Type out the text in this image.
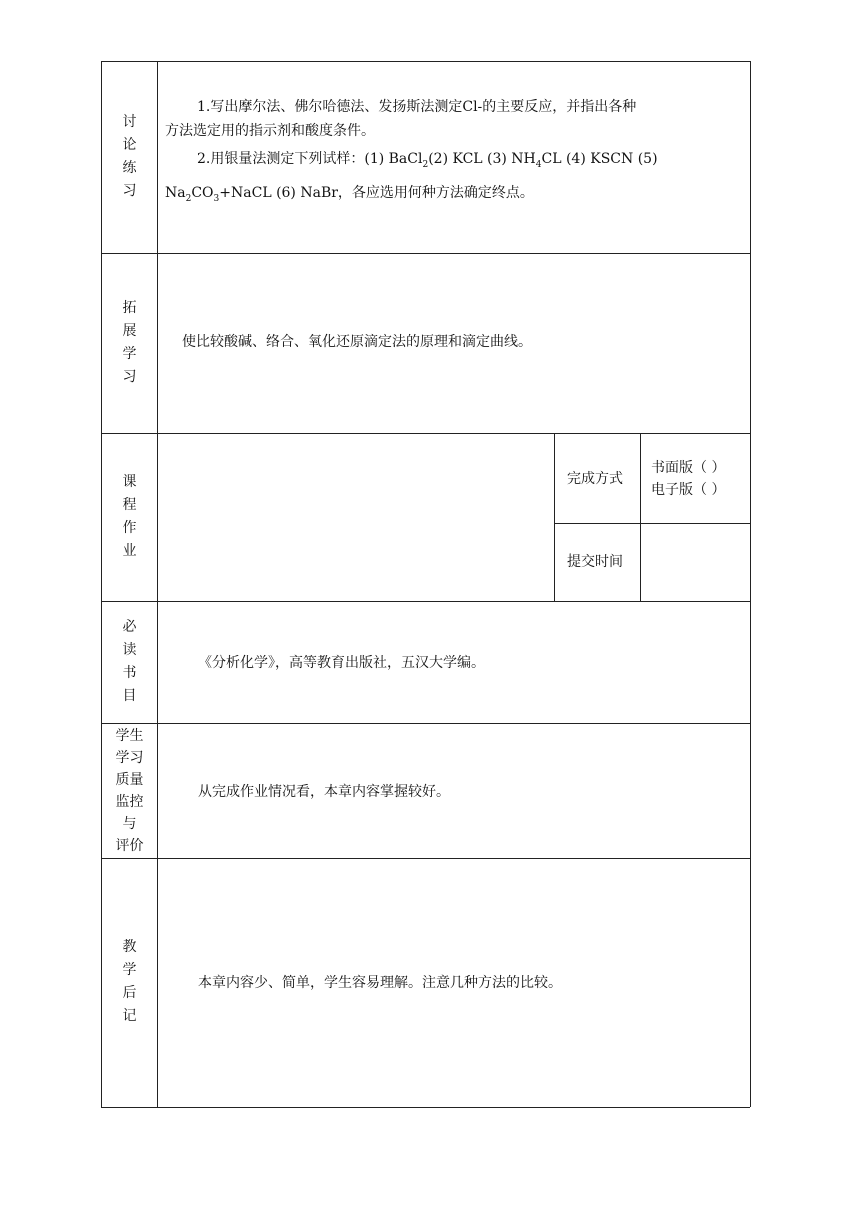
讨
论
练
习
1.写出摩尔法、佛尔哈德法、发扬斯法测定Cl-的主要反应，并指出各种
方法选定用的指示剂和酸度条件。
2.用银量法测定下列试样：(1) BaCl$_2$(2) KCL (3) $NH_4CL$ (4) KSCN (5)
$Na_2CO_3+NaCL$ (6) NaBr，各应选用何种方法确定终点。
拓
展
学
习
使比较酸碱、络合、氧化还原滴定法的原理和滴定曲线。
课
程
作
业
完成方式
书面版（ ）
电子版（ ）
提交时间
必
读
书
目
《分析化学》，高等教育出版社，五汉大学编。
学生
学习
质量
监控
与
评价
从完成作业情况看，本章内容掌握较好。
教
学
后
记
本章内容少、简单，学生容易理解。注意几种方法的比较。
